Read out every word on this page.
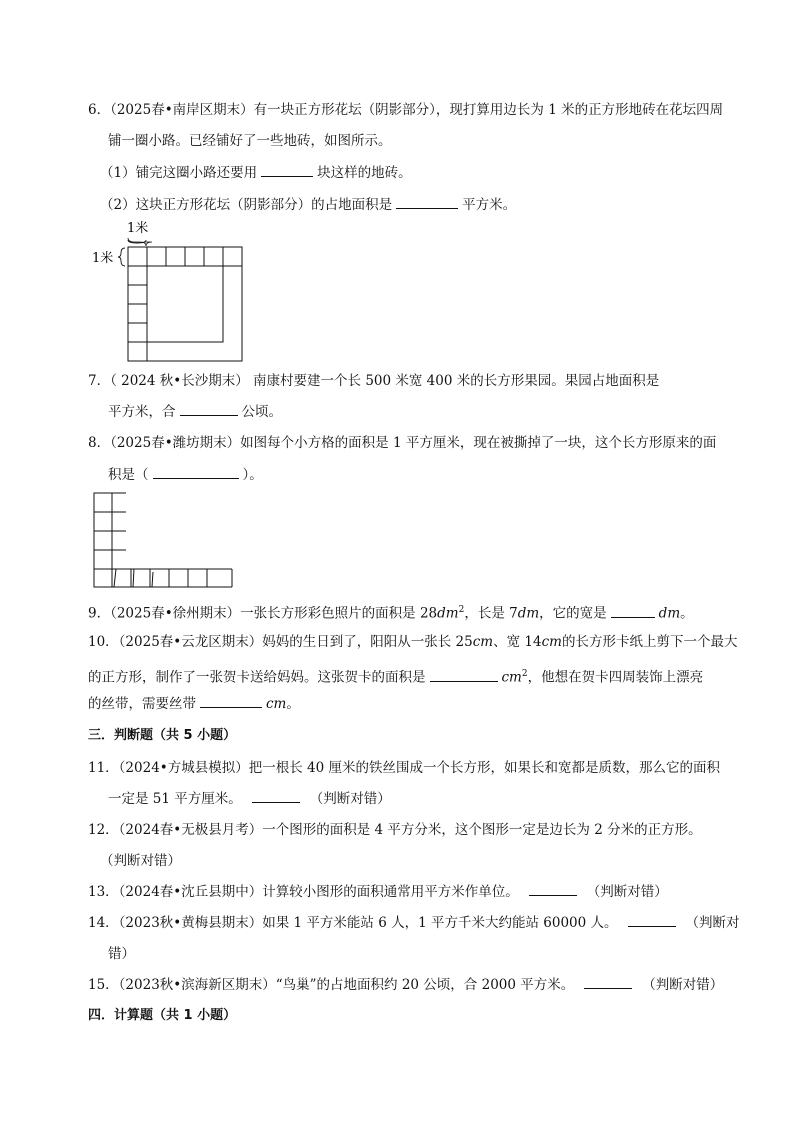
6．（2025春•南岸区期末）有一块正方形花坛（阴影部分），现打算用边长为 1 米的正方形地砖在花坛四周
铺一圈小路。已经铺好了一些地砖，如图所示。
（1）铺完这圈小路还要用	块这样的地砖。
（2）这块正方形花坛（阴影部分）的占地面积是	平方米。
1米
1米
7．（ 2024 秋•长沙期末） 南康村要建一个长 500 米宽 400 米的长方形果园。果园占地面积是
平方米，合	公顷。
8．（2025春•潍坊期末）如图每个小方格的面积是 1 平方厘米，现在被撕掉了一块，这个长方形原来的面
积是（	）。
9．（2025春•徐州期末）一张长方形彩色照片的面积是 $28dm^2$，长是 7dm，它的宽是	dm。
10．（2025春•云龙区期末）妈妈的生日到了，阳阳从一张长 25cm、宽 14cm的长方形卡纸上剪下一个最大
的正方形，制作了一张贺卡送给妈妈。这张贺卡的面积是	$cm^2$，他想在贺卡四周装饰上漂亮
的丝带，需要丝带	cm。
三．判断题（共 5 小题）
11．（2024•方城县模拟）把一根长 40 厘米的铁丝围成一个长方形，如果长和宽都是质数，那么它的面积
一定是 51 平方厘米。	（判断对错）
12．（2024春•无极县月考）一个图形的面积是 4 平方分米，这个图形一定是边长为 2 分米的正方形。
（判断对错）
13．（2024春•沈丘县期中）计算较小图形的面积通常用平方米作单位。	（判断对错）
14．（2023秋•黄梅县期末）如果 1 平方米能站 6 人，1 平方千米大约能站 60000 人。	（判断对
错）
15．（2023秋•滨海新区期末）“鸟巢”的占地面积约 20 公顷，合 2000 平方米。	（判断对错）
四．计算题（共 1 小题）
